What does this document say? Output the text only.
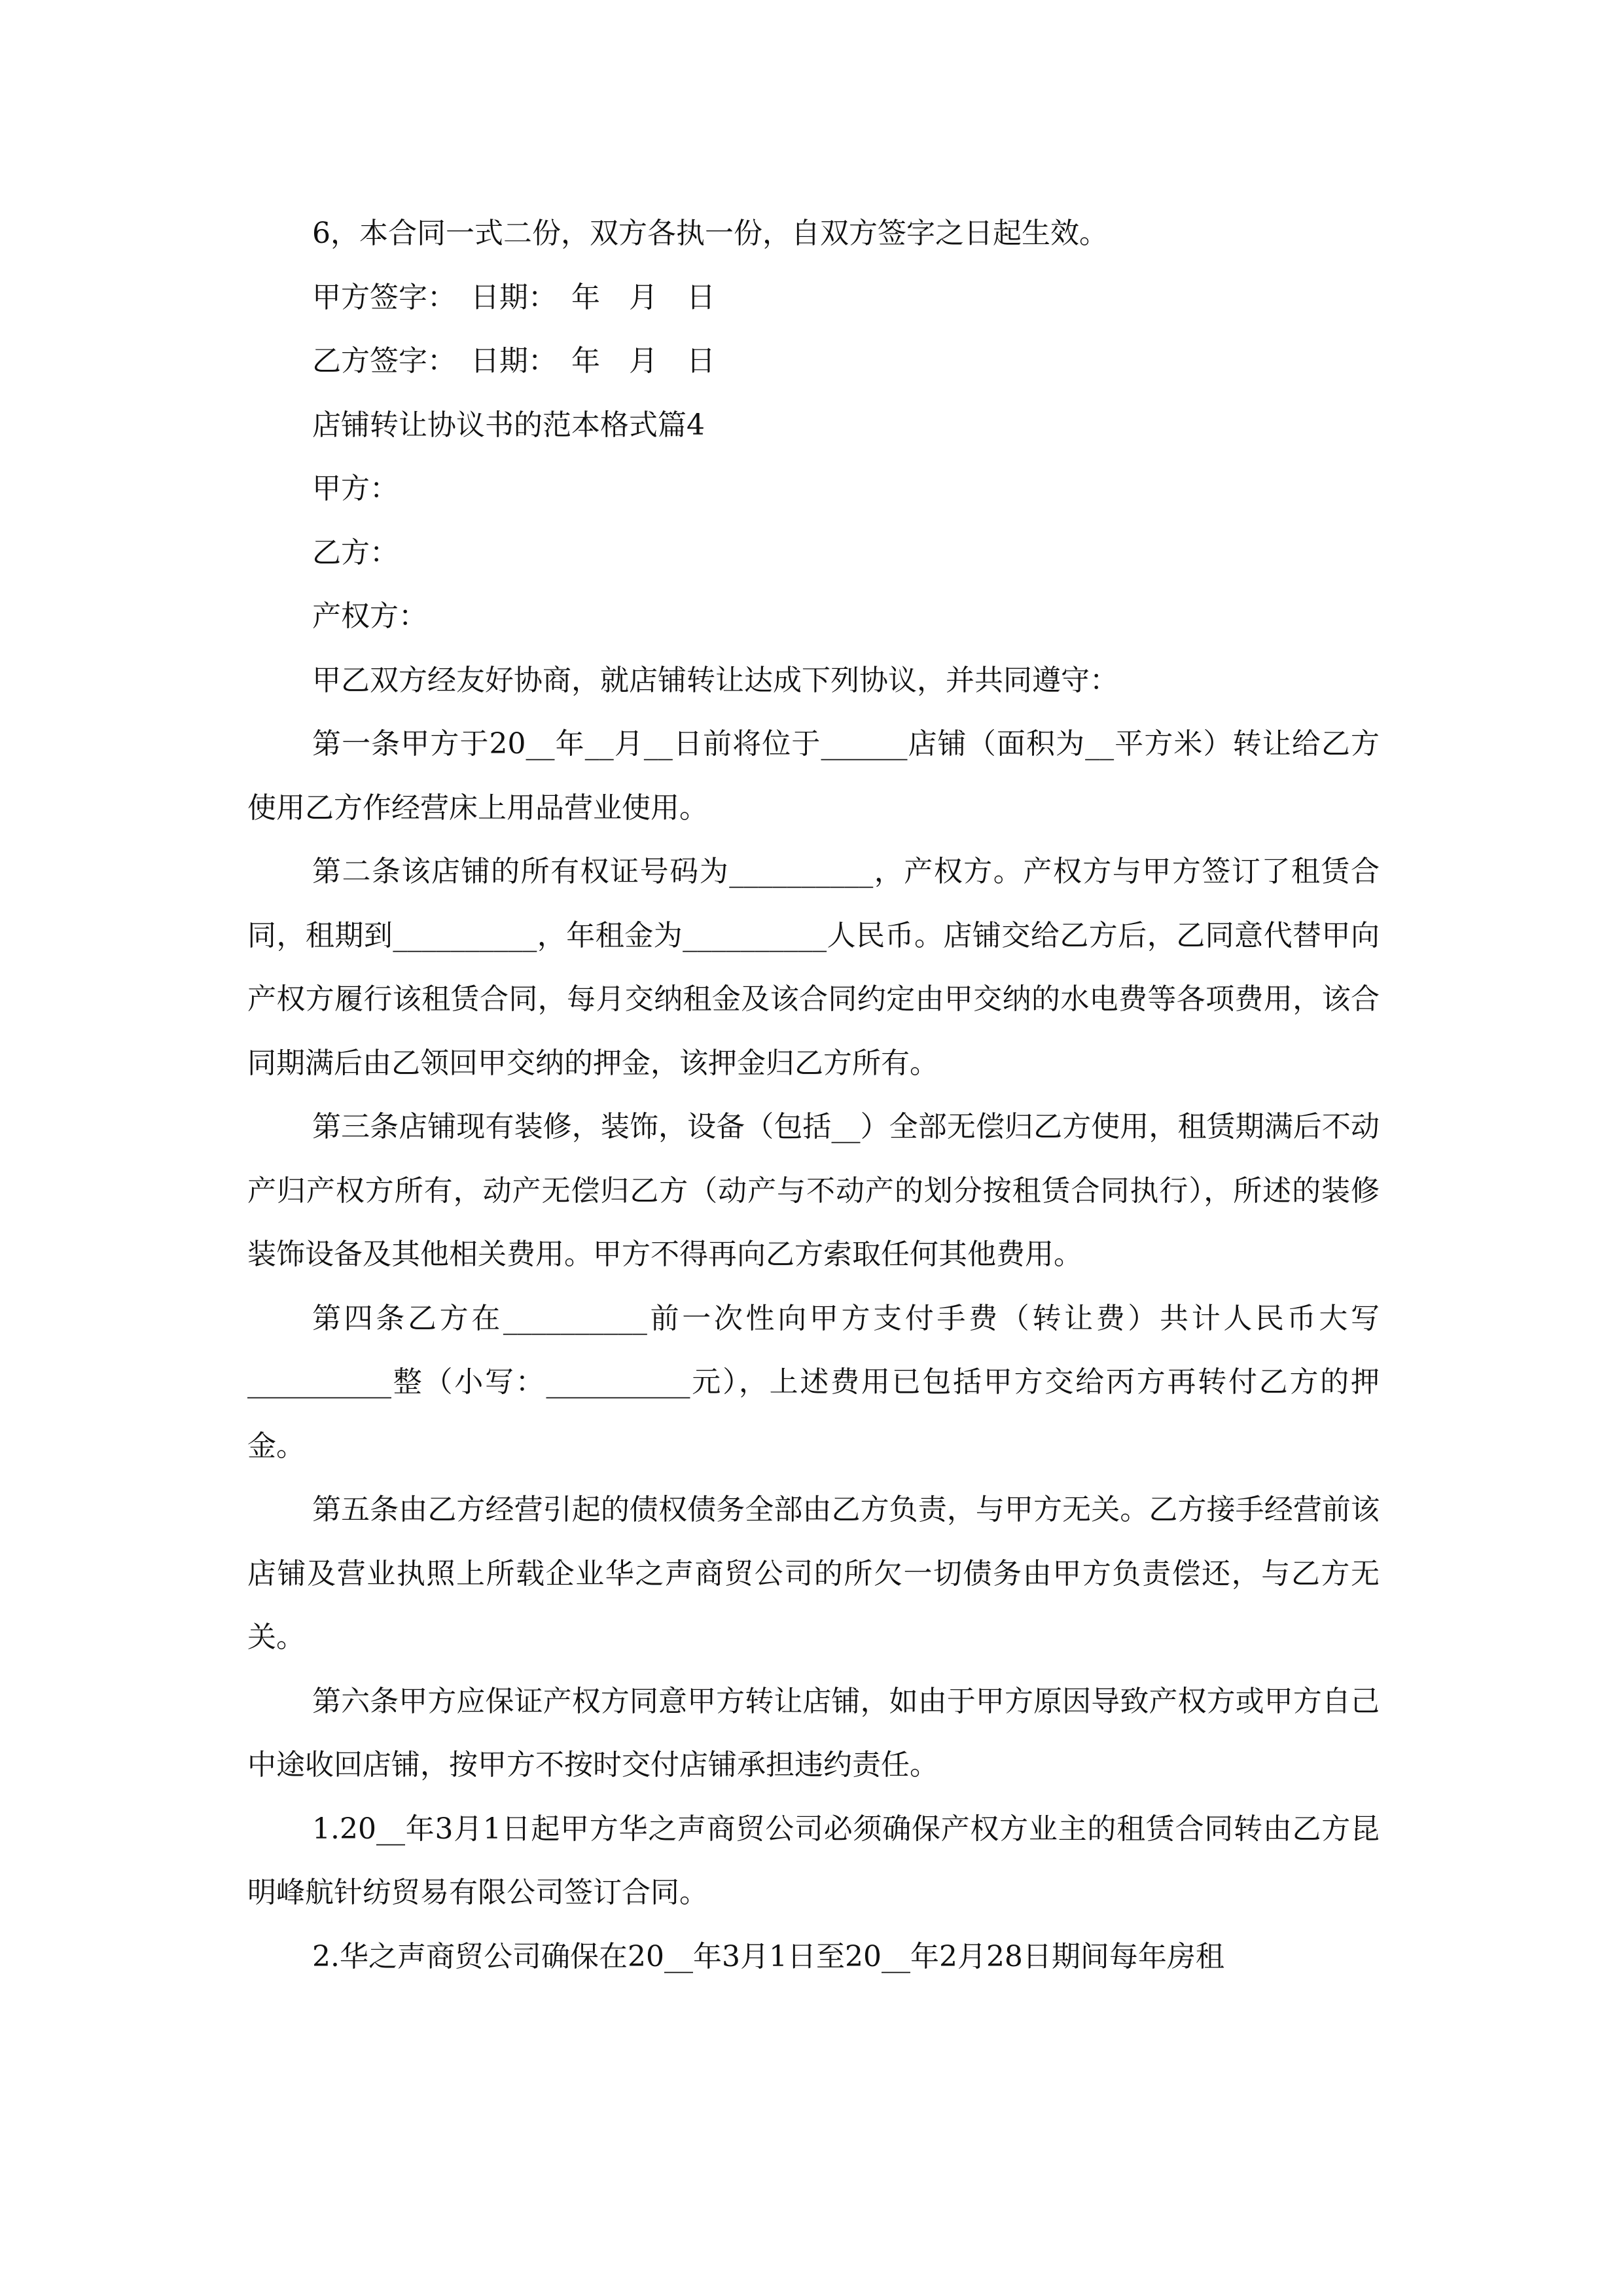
6，本合同一式二份，双方各执一份，自双方签字之日起生效。

甲方签字：　日期：　年　月　日

乙方签字：　日期：　年　月　日

店铺转让协议书的范本格式篇4

甲方：

乙方：

产权方：

甲乙双方经友好协商，就店铺转让达成下列协议，并共同遵守：

第一条甲方于20__年__月__日前将位于______店铺（面积为__平方米）转让给乙方使用乙方作经营床上用品营业使用。

第二条该店铺的所有权证号码为__________，产权方。产权方与甲方签订了租赁合同，租期到__________，年租金为__________人民币。店铺交给乙方后，乙同意代替甲向产权方履行该租赁合同，每月交纳租金及该合同约定由甲交纳的水电费等各项费用，该合同期满后由乙领回甲交纳的押金，该押金归乙方所有。

第三条店铺现有装修，装饰，设备（包括__）全部无偿归乙方使用，租赁期满后不动产归产权方所有，动产无偿归乙方（动产与不动产的划分按租赁合同执行），所述的装修装饰设备及其他相关费用。甲方不得再向乙方索取任何其他费用。

第四条乙方在__________前一次性向甲方支付手费（转让费）共计人民币大写__________整（小写：__________元），上述费用已包括甲方交给丙方再转付乙方的押金。

第五条由乙方经营引起的债权债务全部由乙方负责，与甲方无关。乙方接手经营前该店铺及营业执照上所载企业华之声商贸公司的所欠一切债务由甲方负责偿还，与乙方无关。

第六条甲方应保证产权方同意甲方转让店铺，如由于甲方原因导致产权方或甲方自己中途收回店铺，按甲方不按时交付店铺承担违约责任。

1.20__年3月1日起甲方华之声商贸公司必须确保产权方业主的租赁合同转由乙方昆明峰航针纺贸易有限公司签订合同。

2.华之声商贸公司确保在20__年3月1日至20__年2月28日期间每年房租
